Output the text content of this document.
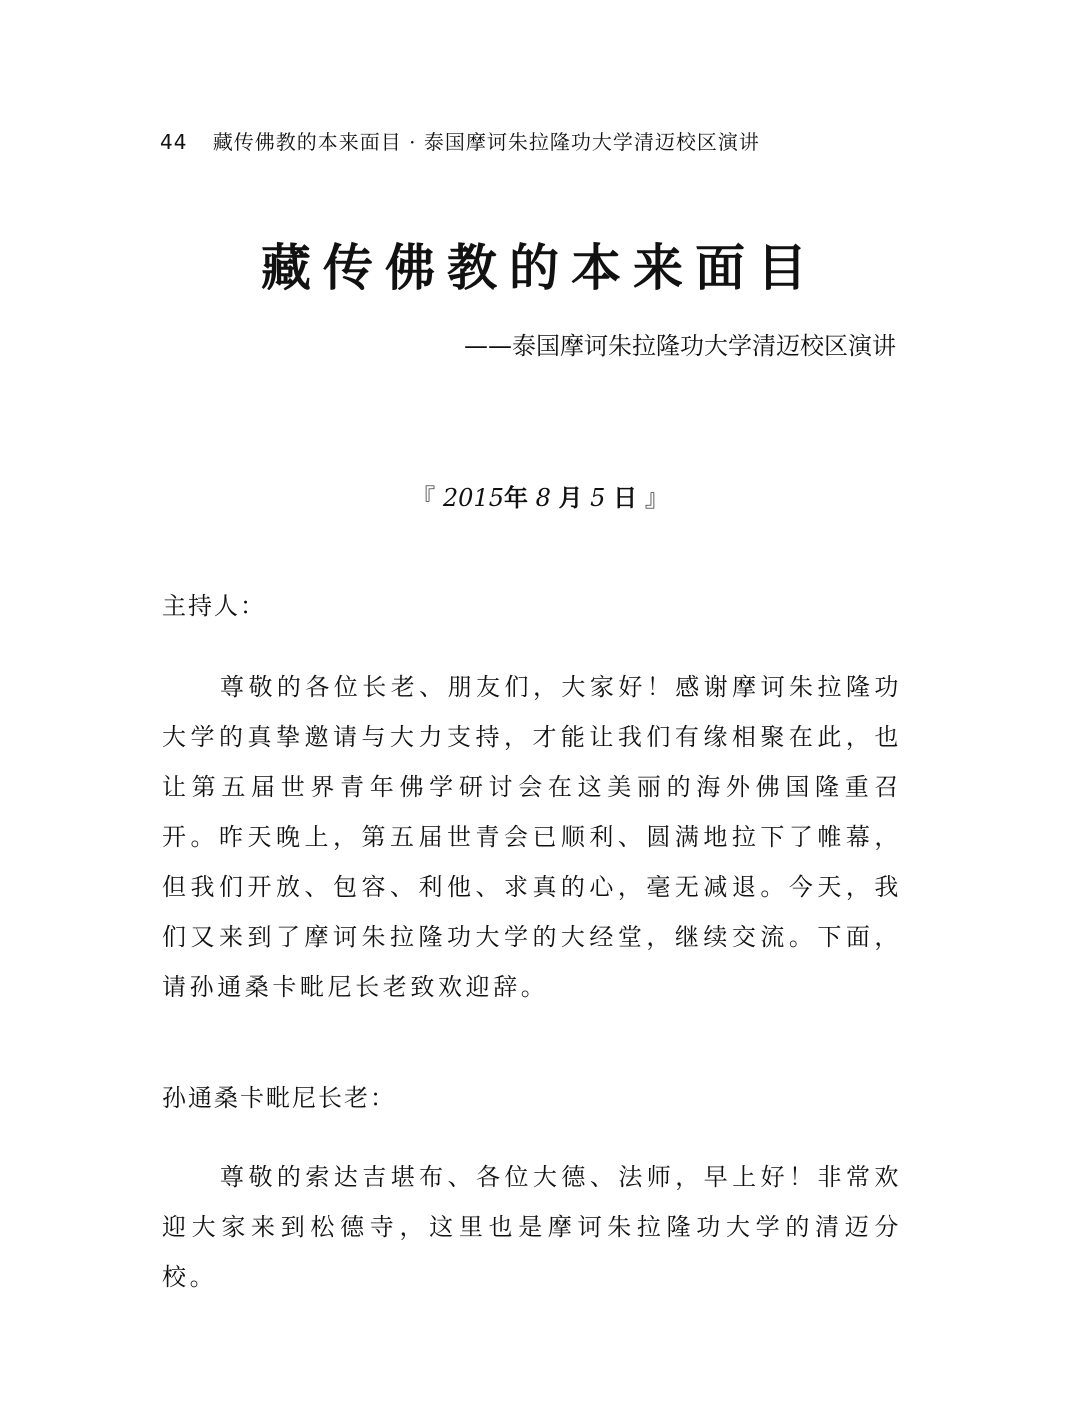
44 藏传佛教的本来面目 · 泰国摩诃朱拉隆功大学清迈校区演讲
藏传佛教的本来面目
——泰国摩诃朱拉隆功大学清迈校区演讲
『 2015年 8 月 5 日 』
主持人：
尊敬的各位长老、朋友们，大家好！感谢摩诃朱拉隆功大学的真挚邀请与大力支持，才能让我们有缘相聚在此，也让第五届世界青年佛学研讨会在这美丽的海外佛国隆重召开。昨天晚上，第五届世青会已顺利、圆满地拉下了帷幕，但我们开放、包容、利他、求真的心，毫无减退。今天，我们又来到了摩诃朱拉隆功大学的大经堂，继续交流。下面，请孙通桑卡毗尼长老致欢迎辞。
孙通桑卡毗尼长老：
尊敬的索达吉堪布、各位大德、法师，早上好！非常欢迎大家来到松德寺，这里也是摩诃朱拉隆功大学的清迈分校。
